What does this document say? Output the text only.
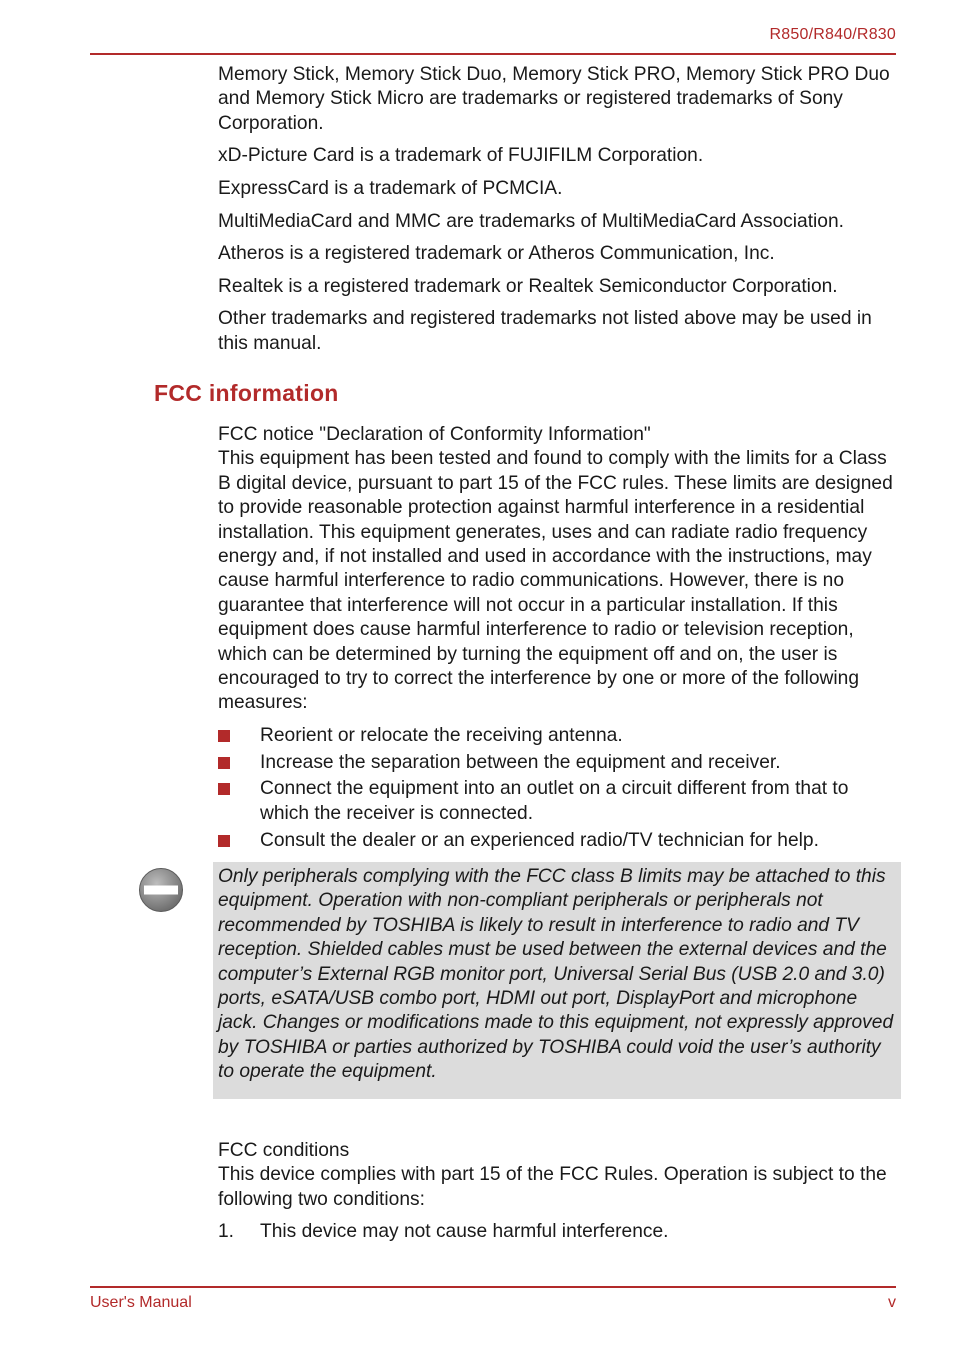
R850/R840/R830

Memory Stick, Memory Stick Duo, Memory Stick PRO, Memory Stick PRO Duo and Memory Stick Micro are trademarks or registered trademarks of Sony Corporation.

xD-Picture Card is a trademark of FUJIFILM Corporation.

ExpressCard is a trademark of PCMCIA.

MultiMediaCard and MMC are trademarks of MultiMediaCard Association.

Atheros is a registered trademark or Atheros Communication, Inc.

Realtek is a registered trademark or Realtek Semiconductor Corporation.

Other trademarks and registered trademarks not listed above may be used in this manual.

FCC information

FCC notice "Declaration of Conformity Information"

This equipment has been tested and found to comply with the limits for a Class B digital device, pursuant to part 15 of the FCC rules. These limits are designed to provide reasonable protection against harmful interference in a residential installation. This equipment generates, uses and can radiate radio frequency energy and, if not installed and used in accordance with the instructions, may cause harmful interference to radio communications. However, there is no guarantee that interference will not occur in a particular installation. If this equipment does cause harmful interference to radio or television reception, which can be determined by turning the equipment off and on, the user is encouraged to try to correct the interference by one or more of the following measures:

Reorient or relocate the receiving antenna.
Increase the separation between the equipment and receiver.
Connect the equipment into an outlet on a circuit different from that to which the receiver is connected.
Consult the dealer or an experienced radio/TV technician for help.
Only peripherals complying with the FCC class B limits may be attached to this equipment. Operation with non-compliant peripherals or peripherals not recommended by TOSHIBA is likely to result in interference to radio and TV reception. Shielded cables must be used between the external devices and the computer’s External RGB monitor port, Universal Serial Bus (USB 2.0 and 3.0) ports, eSATA/USB combo port, HDMI out port, DisplayPort and microphone jack. Changes or modifications made to this equipment, not expressly approved by TOSHIBA or parties authorized by TOSHIBA could void the user’s authority to operate the equipment.

FCC conditions

This device complies with part 15 of the FCC Rules. Operation is subject to the following two conditions:

1. This device may not cause harmful interference.
User's Manual	v
